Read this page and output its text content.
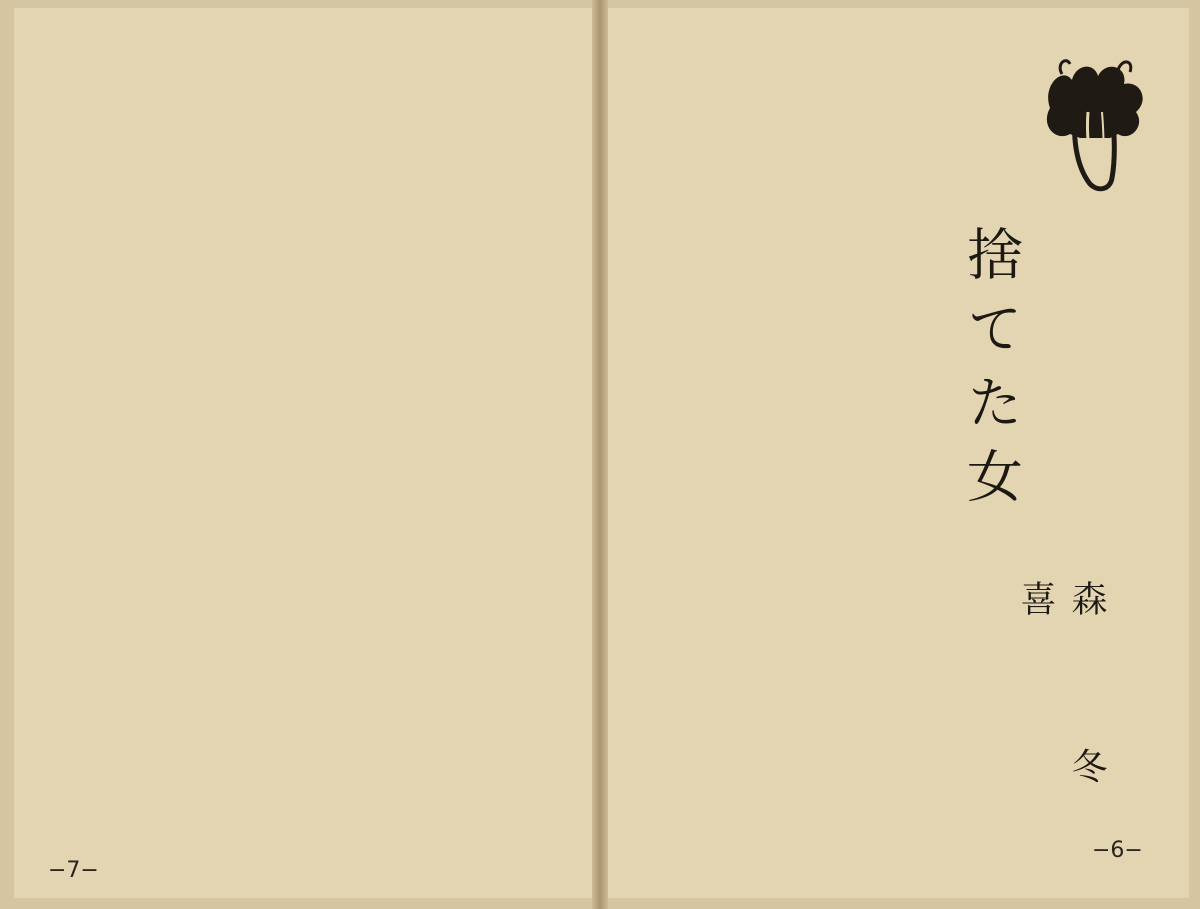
捨てた女
森 冬喜
−7−
−6−
